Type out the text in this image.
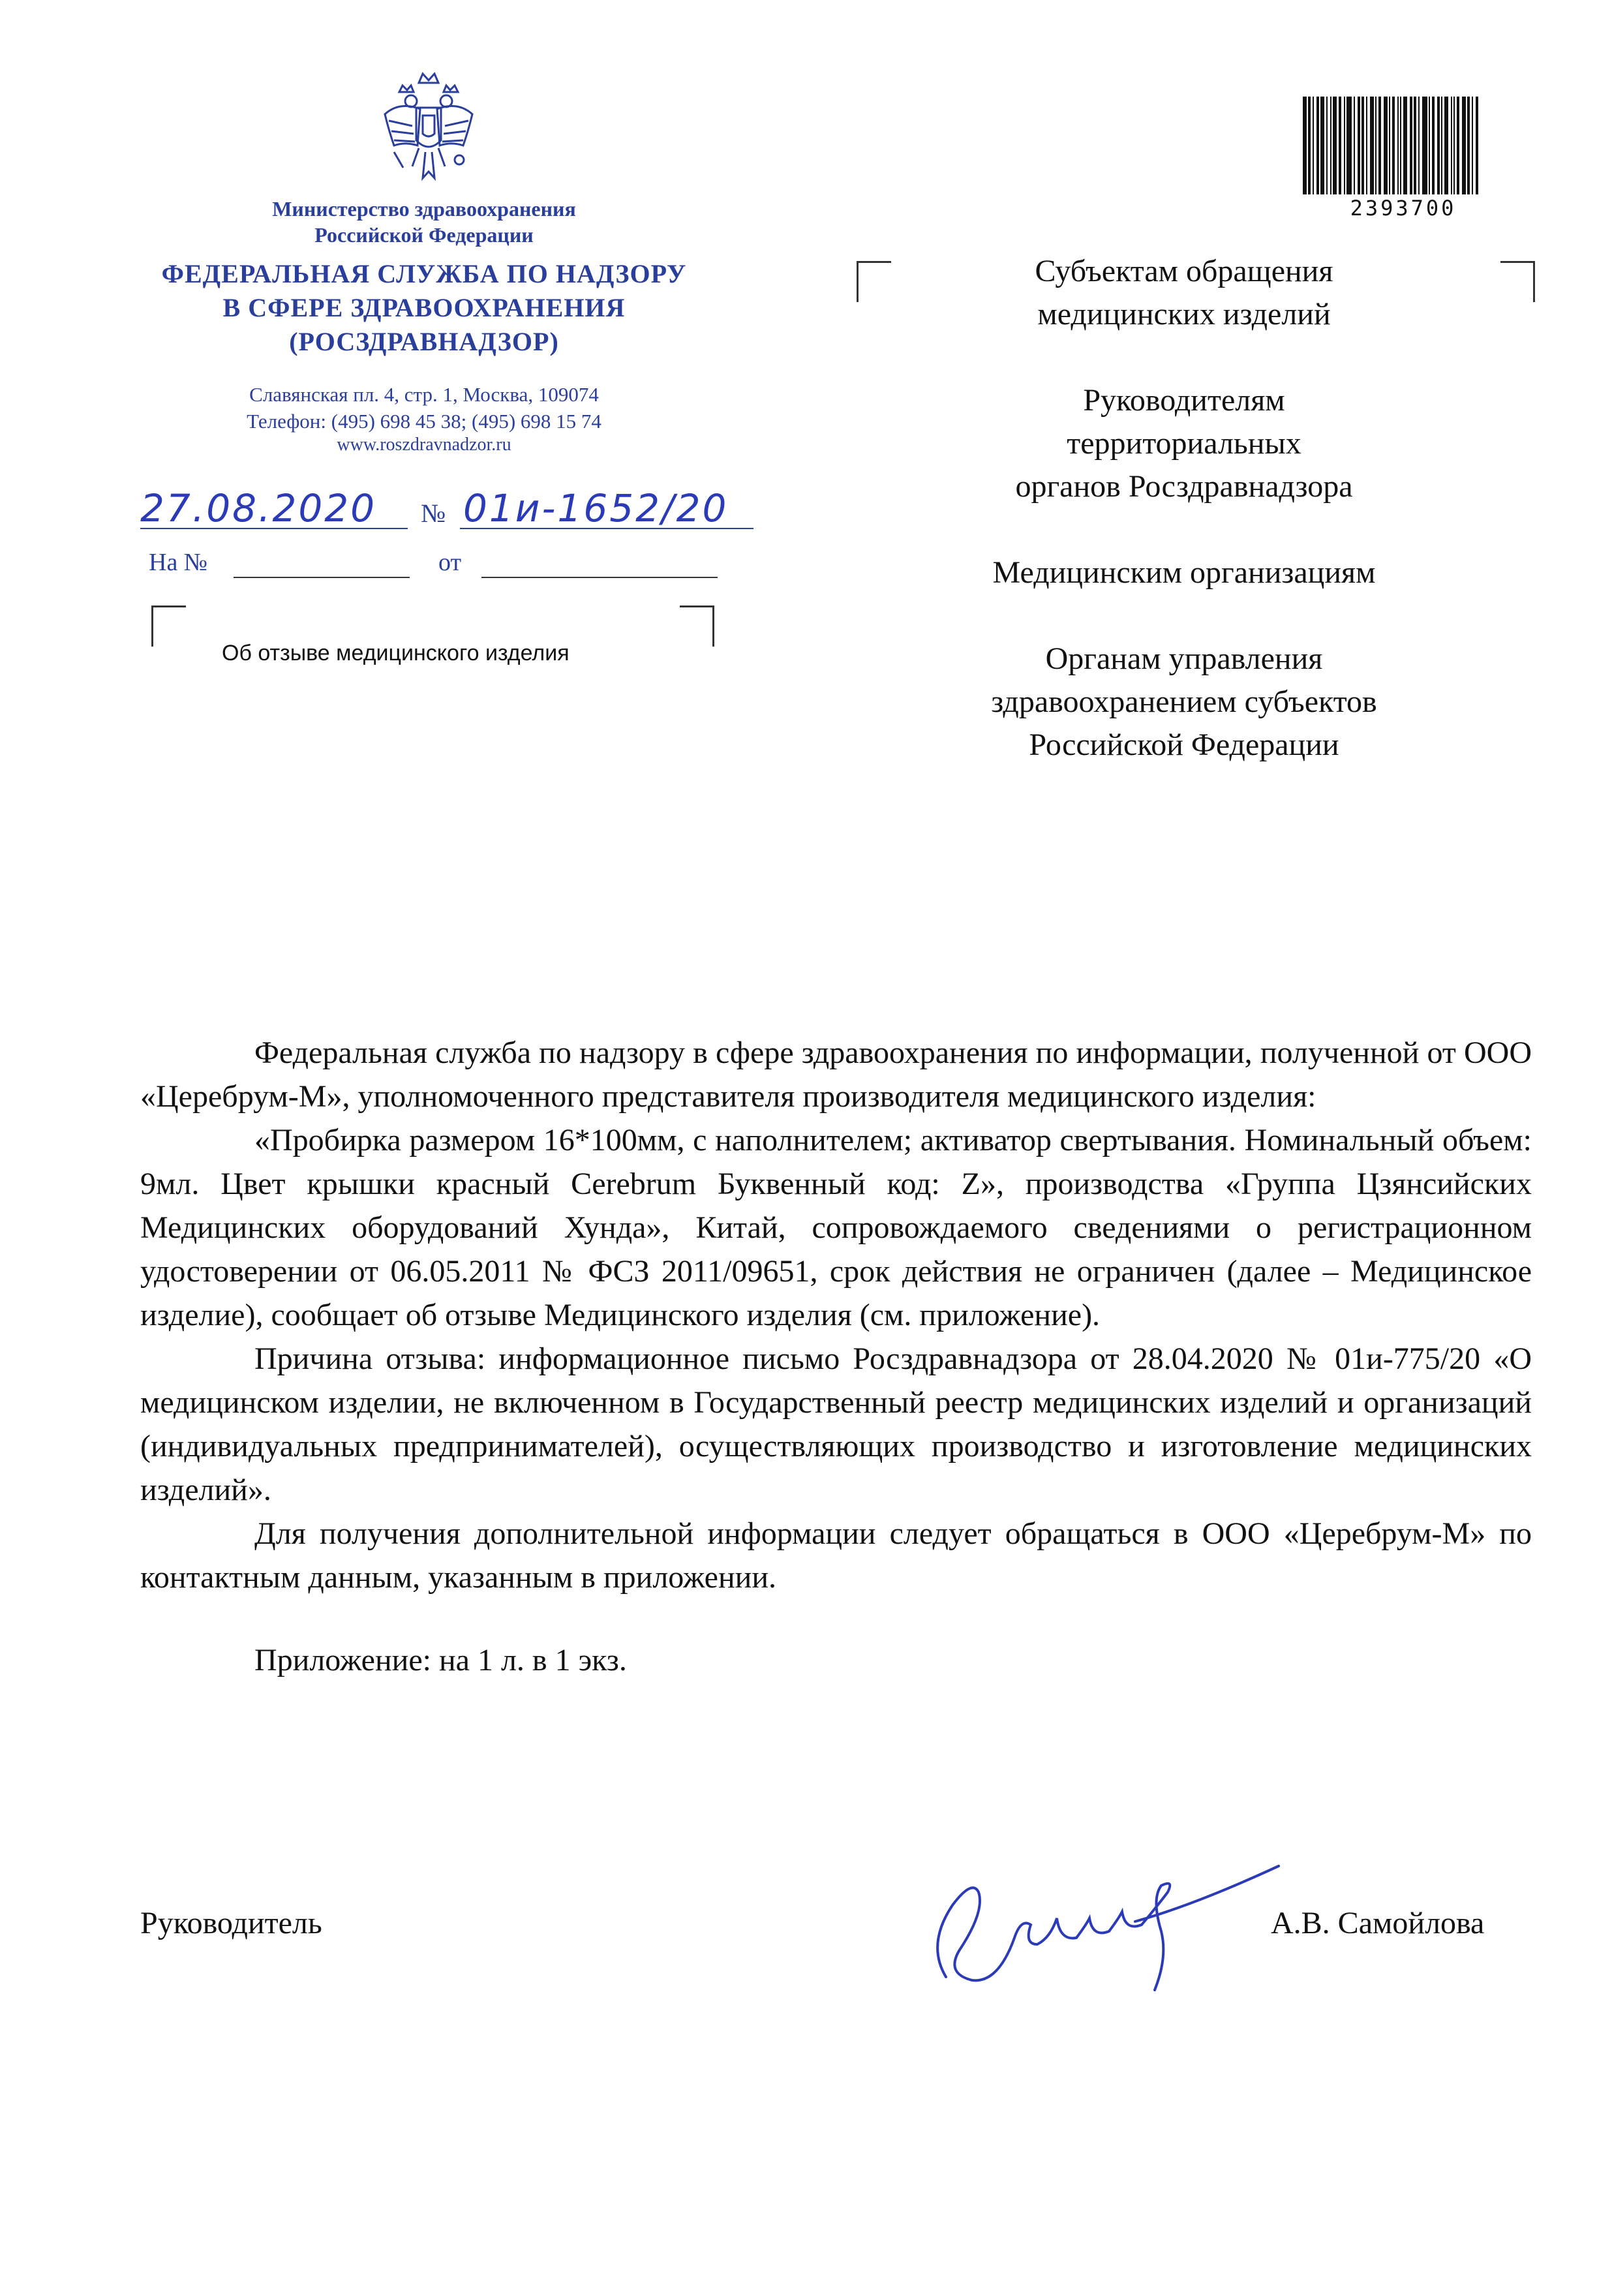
Министерство здравоохранения
Российской Федерации
ФЕДЕРАЛЬНАЯ СЛУЖБА ПО НАДЗОРУ
В СФЕРЕ ЗДРАВООХРАНЕНИЯ
(РОСЗДРАВНАДЗОР)
Славянская пл. 4, стр. 1, Москва, 109074
Телефон: (495) 698 45 38; (495) 698 15 74
www.roszdravnadzor.ru
27.08.2020 № 01и-1652/20
На №	от
Об отзыве медицинского изделия
2393700
Субъектам обращения
медицинских изделий
Руководителям
территориальных
органов Росздравнадзора
Медицинским организациям
Органам управления
здравоохранением субъектов
Российской Федерации

Федеральная служба по надзору в сфере здравоохранения по информации, полученной от ООО «Церебрум-М», уполномоченного представителя производителя медицинского изделия:

«Пробирка размером 16*100мм, с наполнителем; активатор свертывания. Номинальный объем: 9мл. Цвет крышки красный Cerebrum Буквенный код: Z», производства «Группа Цзянсийских Медицинских оборудований Хунда», Китай, сопровождаемого сведениями о регистрационном удостоверении от 06.05.2011 № ФСЗ 2011/09651, срок действия не ограничен (далее – Медицинское изделие), сообщает об отзыве Медицинского изделия (см. приложение).

Причина отзыва: информационное письмо Росздравнадзора от 28.04.2020 № 01и-775/20 «О медицинском изделии, не включенном в Государственный реестр медицинских изделий и организаций (индивидуальных предпринимателей), осуществляющих производство и изготовление медицинских изделий».

Для получения дополнительной информации следует обращаться в ООО «Церебрум-М» по контактным данным, указанным в приложении.

Приложение: на 1 л. в 1 экз.

Руководитель	А.В. Самойлова
